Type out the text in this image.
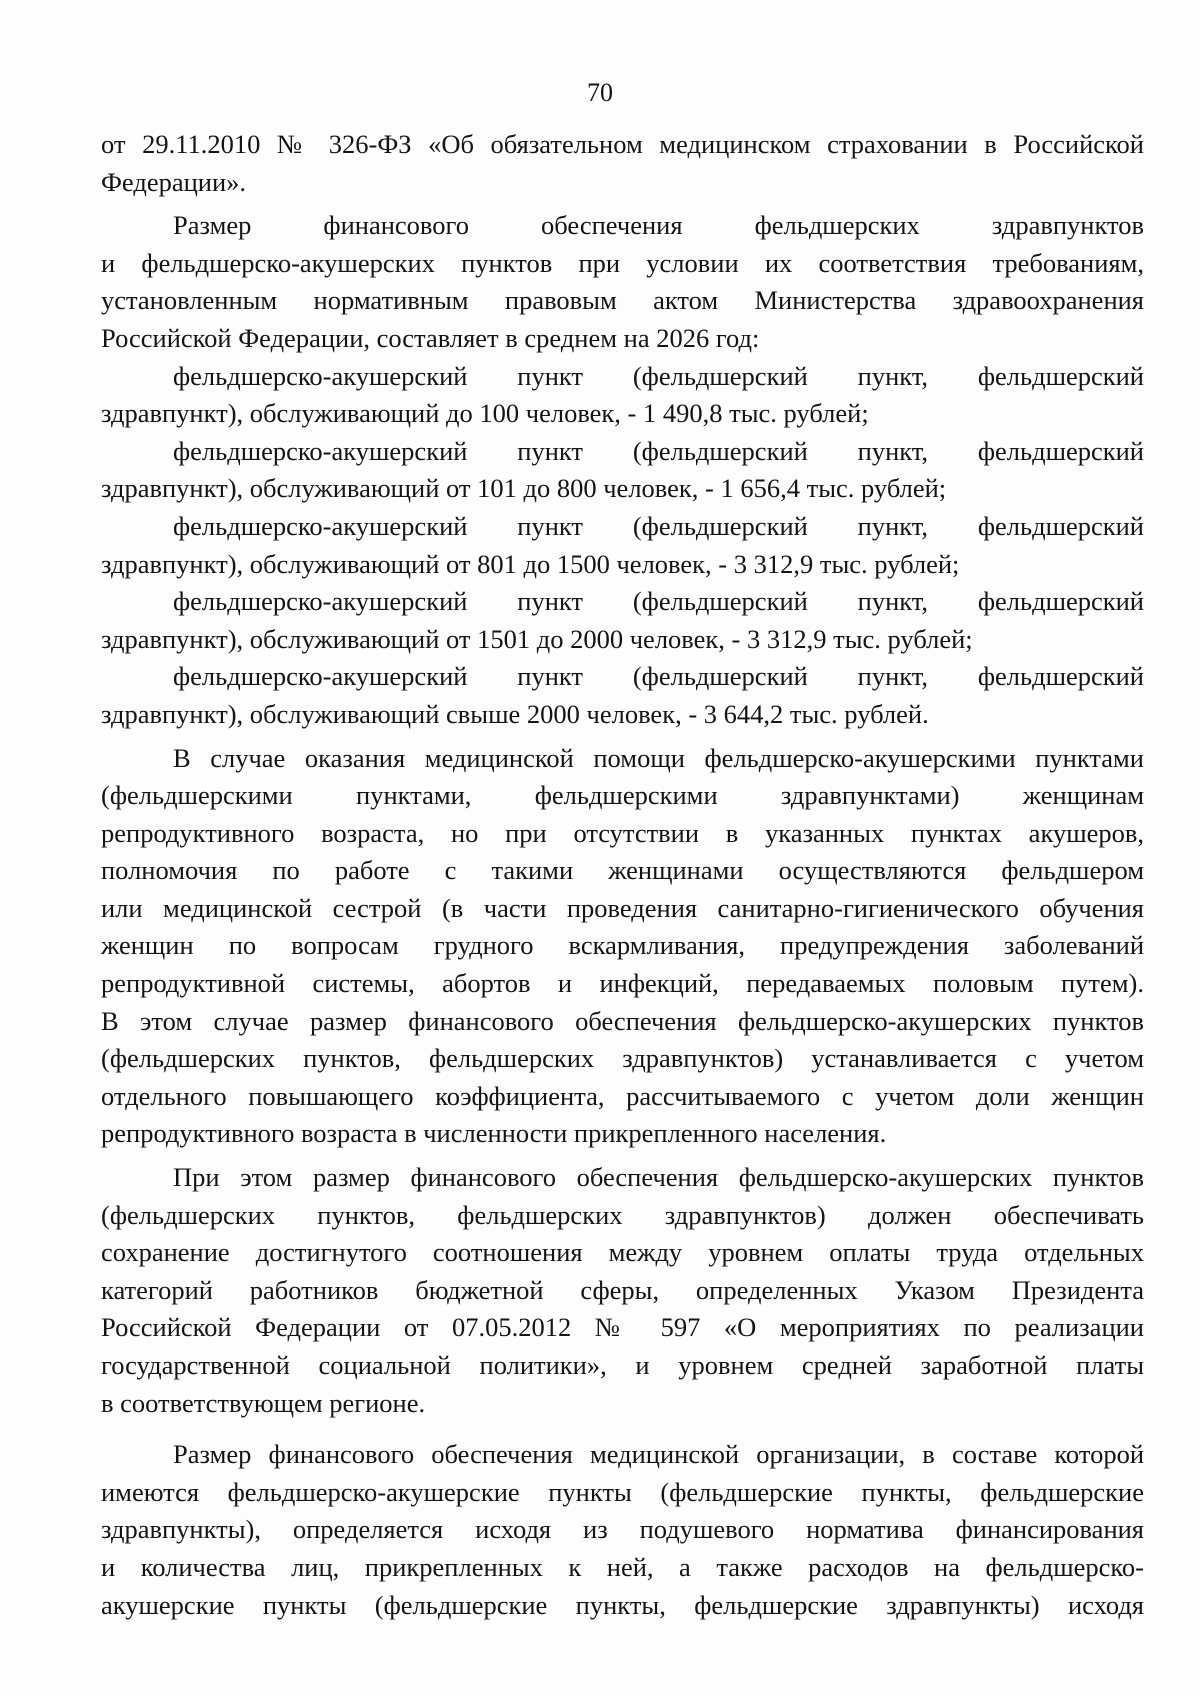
70
от 29.11.2010 № 326-ФЗ «Об обязательном медицинском страховании в Российской
Федерации».
Размер финансового обеспечения фельдшерских здравпунктов
и фельдшерско-акушерских пунктов при условии их соответствия требованиям,
установленным нормативным правовым актом Министерства здравоохранения
Российской Федерации, составляет в среднем на 2026 год:
фельдшерско-акушерский пункт (фельдшерский пункт, фельдшерский
здравпункт), обслуживающий до 100 человек, - 1 490,8 тыс. рублей;
фельдшерско-акушерский пункт (фельдшерский пункт, фельдшерский
здравпункт), обслуживающий от 101 до 800 человек, - 1 656,4 тыс. рублей;
фельдшерско-акушерский пункт (фельдшерский пункт, фельдшерский
здравпункт), обслуживающий от 801 до 1500 человек, - 3 312,9 тыс. рублей;
фельдшерско-акушерский пункт (фельдшерский пункт, фельдшерский
здравпункт), обслуживающий от 1501 до 2000 человек, - 3 312,9 тыс. рублей;
фельдшерско-акушерский пункт (фельдшерский пункт, фельдшерский
здравпункт), обслуживающий свыше 2000 человек, - 3 644,2 тыс. рублей.
В случае оказания медицинской помощи фельдшерско-акушерскими пунктами
(фельдшерскими пунктами, фельдшерскими здравпунктами) женщинам
репродуктивного возраста, но при отсутствии в указанных пунктах акушеров,
полномочия по работе с такими женщинами осуществляются фельдшером
или медицинской сестрой (в части проведения санитарно-гигиенического обучения
женщин по вопросам грудного вскармливания, предупреждения заболеваний
репродуктивной системы, абортов и инфекций, передаваемых половым путем).
В этом случае размер финансового обеспечения фельдшерско-акушерских пунктов
(фельдшерских пунктов, фельдшерских здравпунктов) устанавливается с учетом
отдельного повышающего коэффициента, рассчитываемого с учетом доли женщин
репродуктивного возраста в численности прикрепленного населения.
При этом размер финансового обеспечения фельдшерско-акушерских пунктов
(фельдшерских пунктов, фельдшерских здравпунктов) должен обеспечивать
сохранение достигнутого соотношения между уровнем оплаты труда отдельных
категорий работников бюджетной сферы, определенных Указом Президента
Российской Федерации от 07.05.2012 № 597 «О мероприятиях по реализации
государственной социальной политики», и уровнем средней заработной платы
в соответствующем регионе.
Размер финансового обеспечения медицинской организации, в составе которой
имеются фельдшерско-акушерские пункты (фельдшерские пункты, фельдшерские
здравпункты), определяется исходя из подушевого норматива финансирования
и количества лиц, прикрепленных к ней, а также расходов на фельдшерско-
акушерские пункты (фельдшерские пункты, фельдшерские здравпункты) исходя
